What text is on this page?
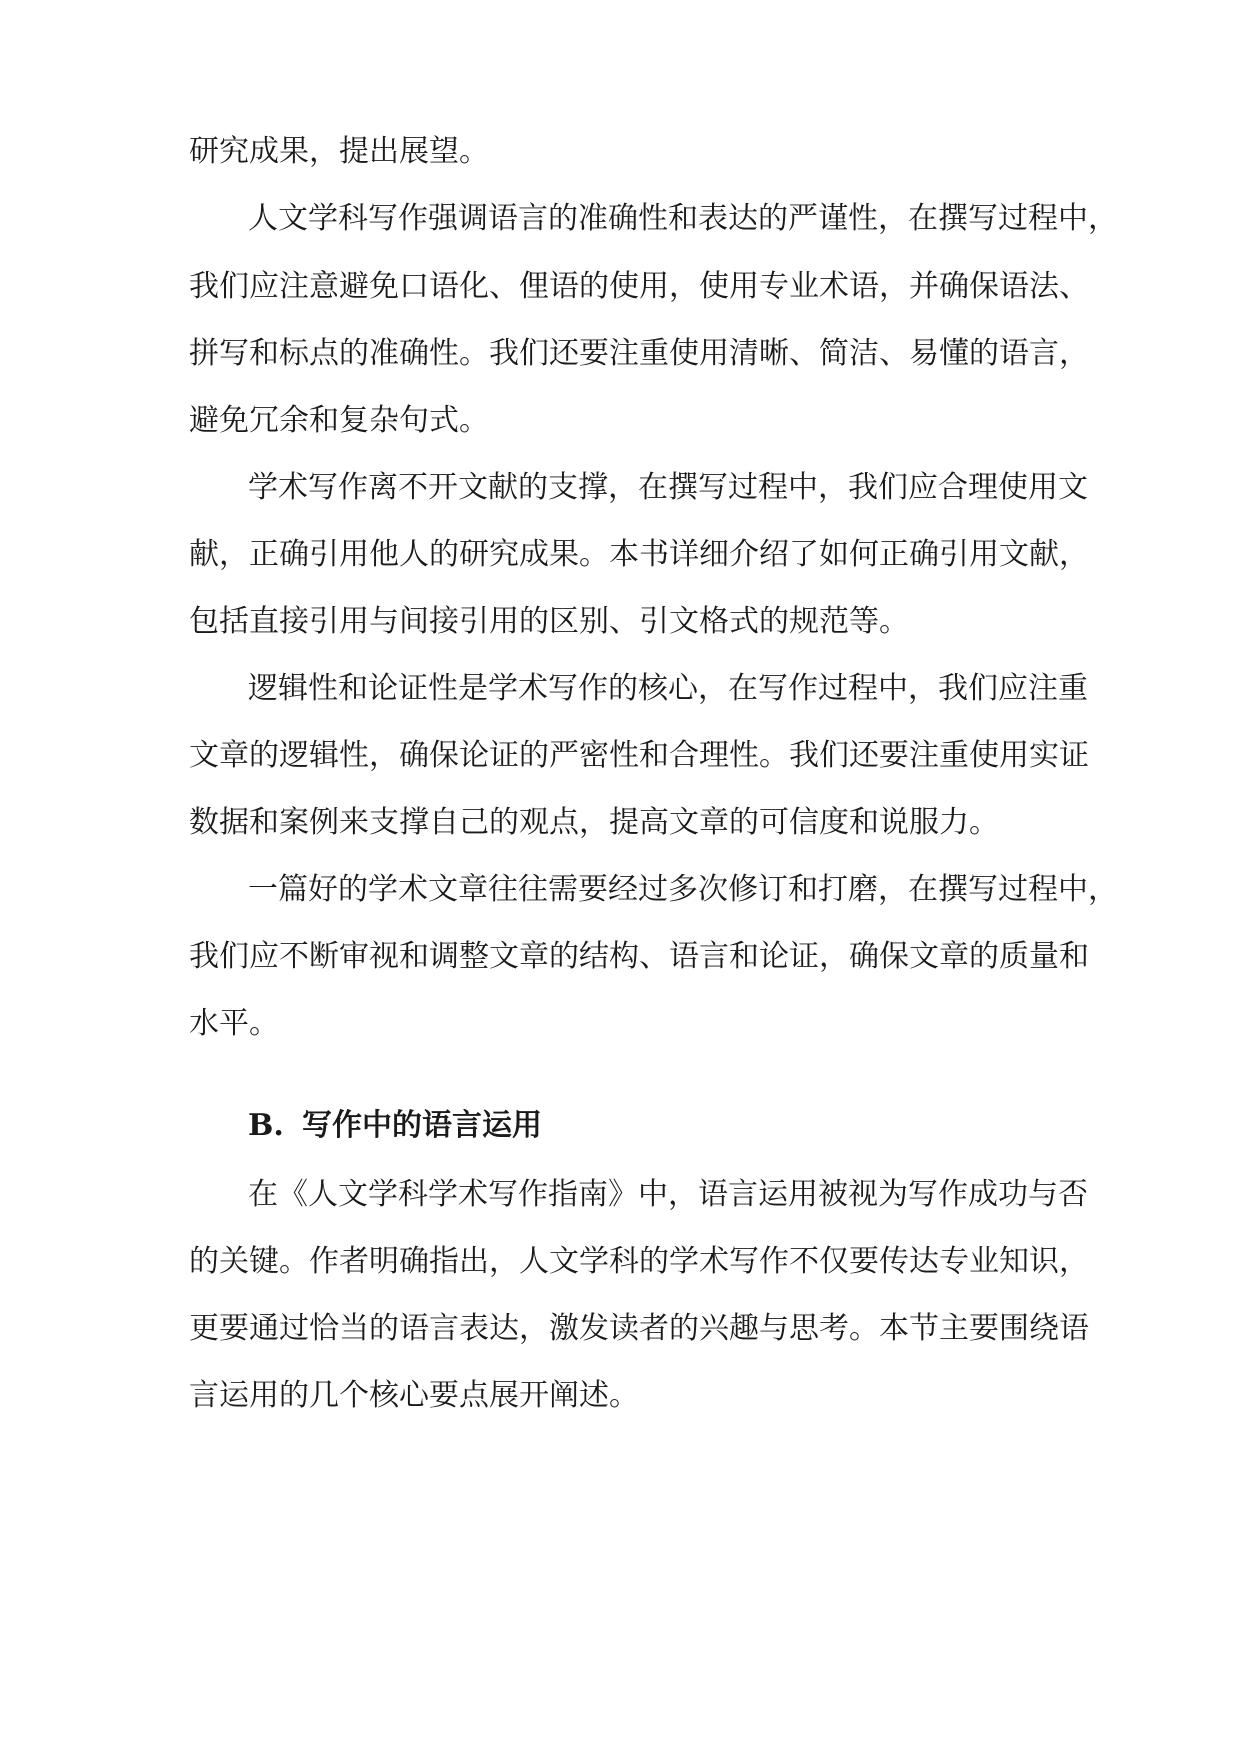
研究成果，提出展望。
人文学科写作强调语言的准确性和表达的严谨性，在撰写过程中，
我们应注意避免口语化、俚语的使用，使用专业术语，并确保语法、
拼写和标点的准确性。我们还要注重使用清晰、简洁、易懂的语言，
避免冗余和复杂句式。
学术写作离不开文献的支撑，在撰写过程中，我们应合理使用文
献，正确引用他人的研究成果。本书详细介绍了如何正确引用文献，
包括直接引用与间接引用的区别、引文格式的规范等。
逻辑性和论证性是学术写作的核心，在写作过程中，我们应注重
文章的逻辑性，确保论证的严密性和合理性。我们还要注重使用实证
数据和案例来支撑自己的观点，提高文章的可信度和说服力。
一篇好的学术文章往往需要经过多次修订和打磨，在撰写过程中，
我们应不断审视和调整文章的结构、语言和论证，确保文章的质量和
水平。
B. 写作中的语言运用
在《人文学科学术写作指南》中，语言运用被视为写作成功与否
的关键。作者明确指出，人文学科的学术写作不仅要传达专业知识，
更要通过恰当的语言表达，激发读者的兴趣与思考。本节主要围绕语
言运用的几个核心要点展开阐述。
